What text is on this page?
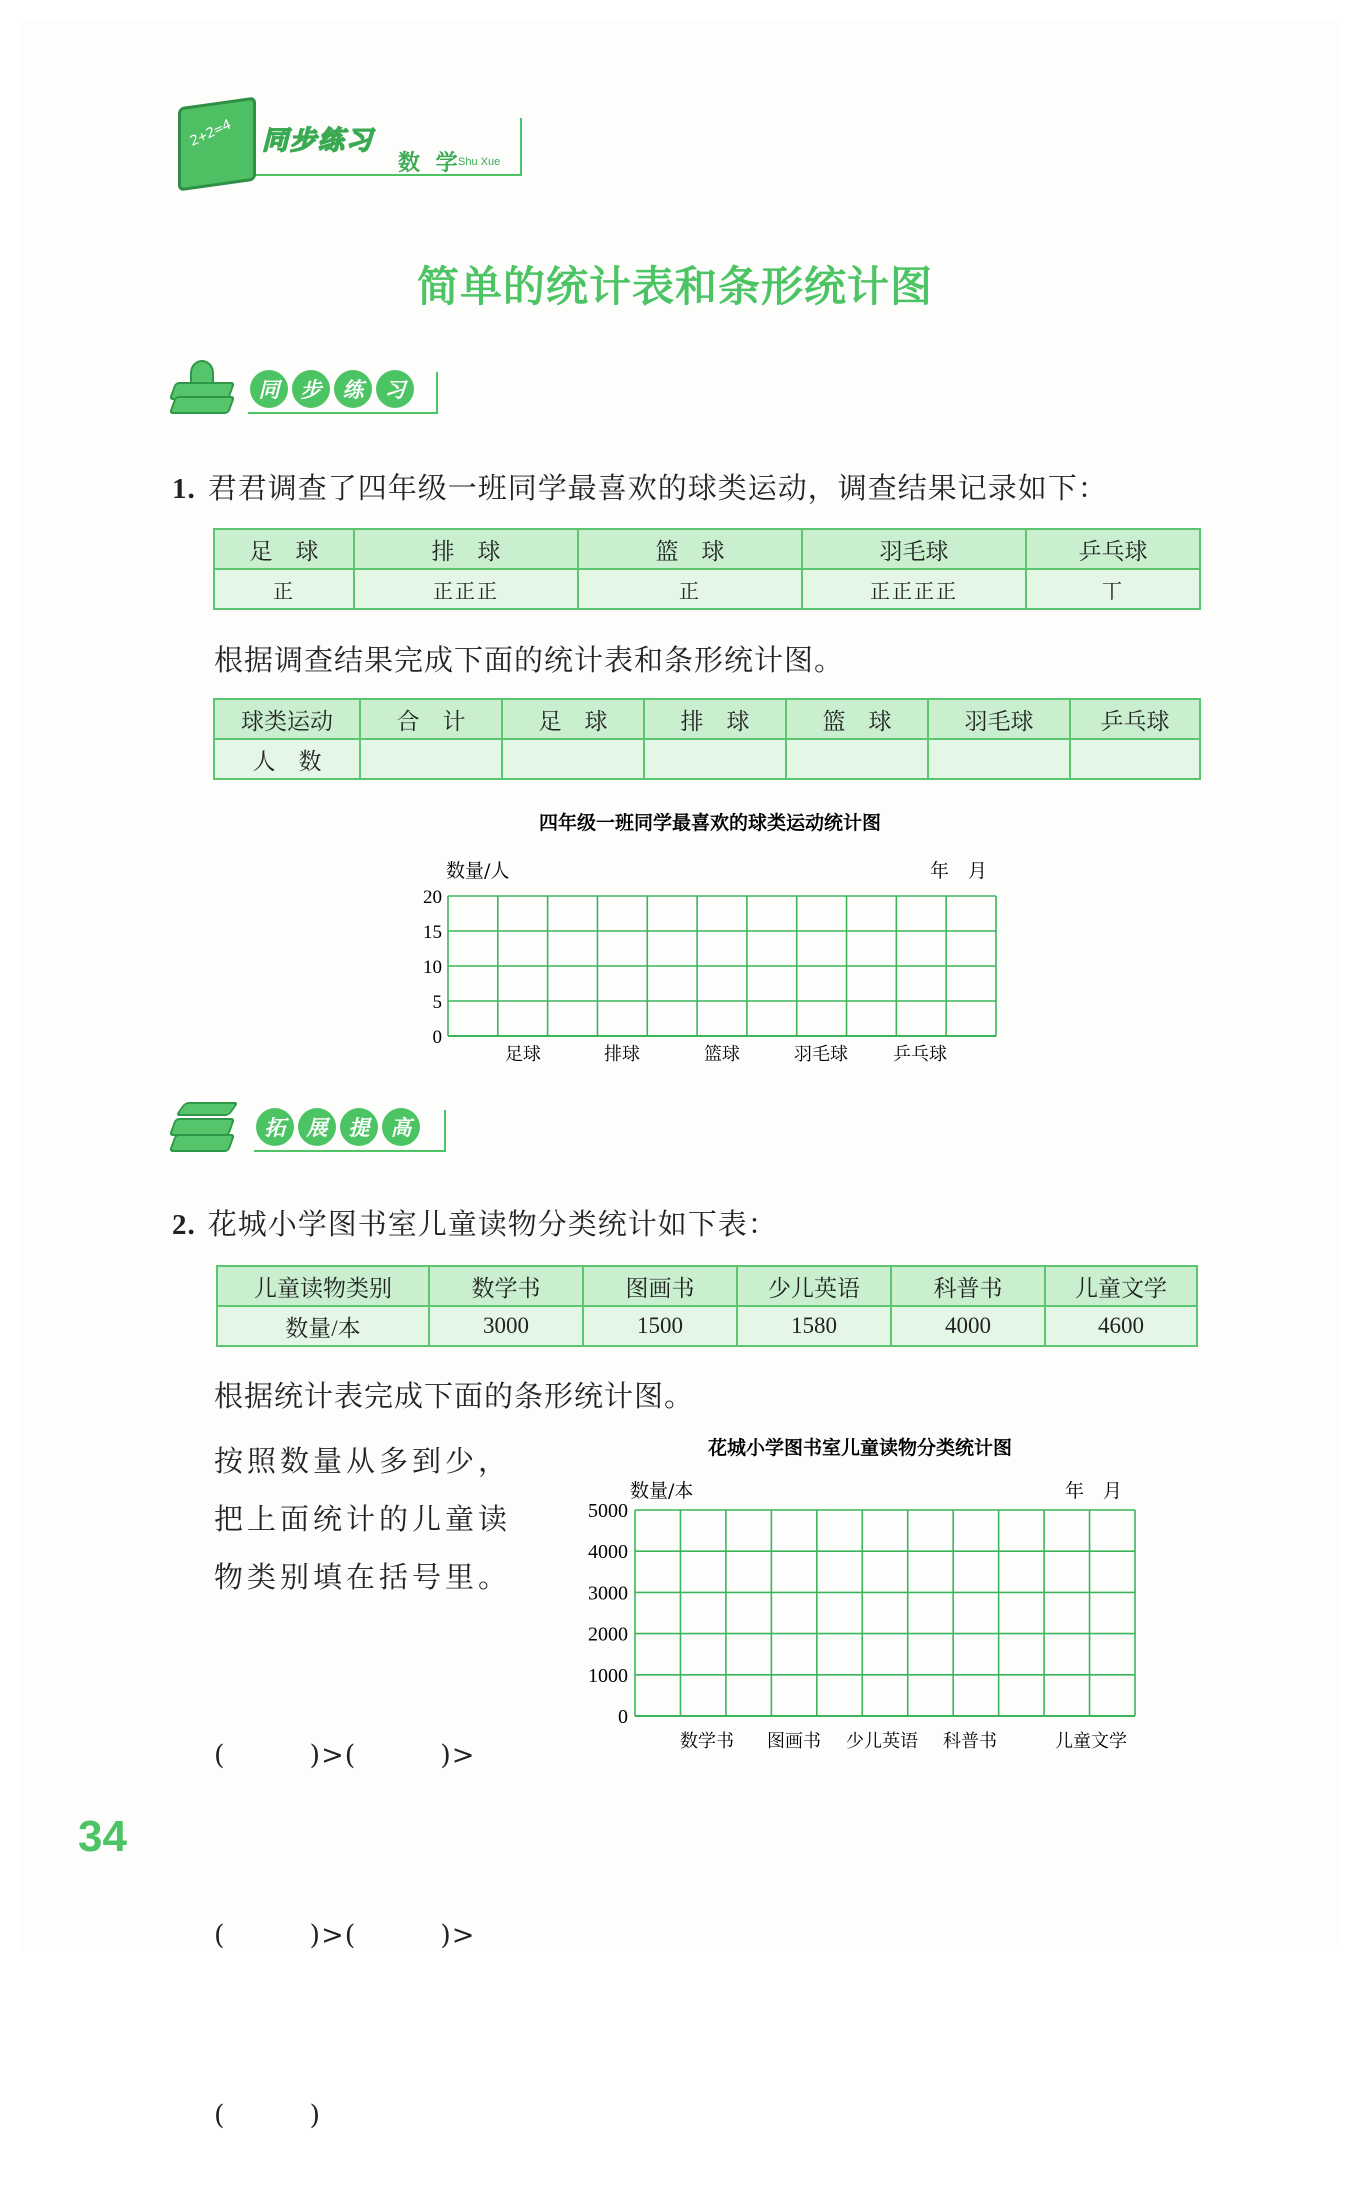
2+2=4	同步练习
数 学
Shu Xue
简单的统计表和条形统计图
同	步	练	习
1. 君君调查了四年级一班同学最喜欢的球类运动，调查结果记录如下：
足　球	排　球	篮　球	羽毛球	乒乓球
正	正正正	正	正正正正	丅
根据调查结果完成下面的统计表和条形统计图。
球类运动	合　计	足　球	排　球	篮　球	羽毛球	乒乓球
人　数						
四年级一班同学最喜欢的球类运动统计图
数量/人	年　月
20
15
10
5
0
足球	排球	篮球	羽毛球	乒乓球
拓	展	提	高
2. 花城小学图书室儿童读物分类统计如下表：
儿童读物类别	数学书	图画书	少儿英语	科普书	儿童文学
数量/本	3000	1500	1580	4000	4600
根据统计表完成下面的条形统计图。
按照数量从多到少，
把上面统计的儿童读
物类别填在括号里。

(　　　)>(　　　)>

(　　　)>(　　　)>

(　　　)

花城小学图书室儿童读物分类统计图
数量/本	年　月
5000
4000
3000
2000
1000
0
数学书 图画书 少儿英语 科普书	儿童文学
34
